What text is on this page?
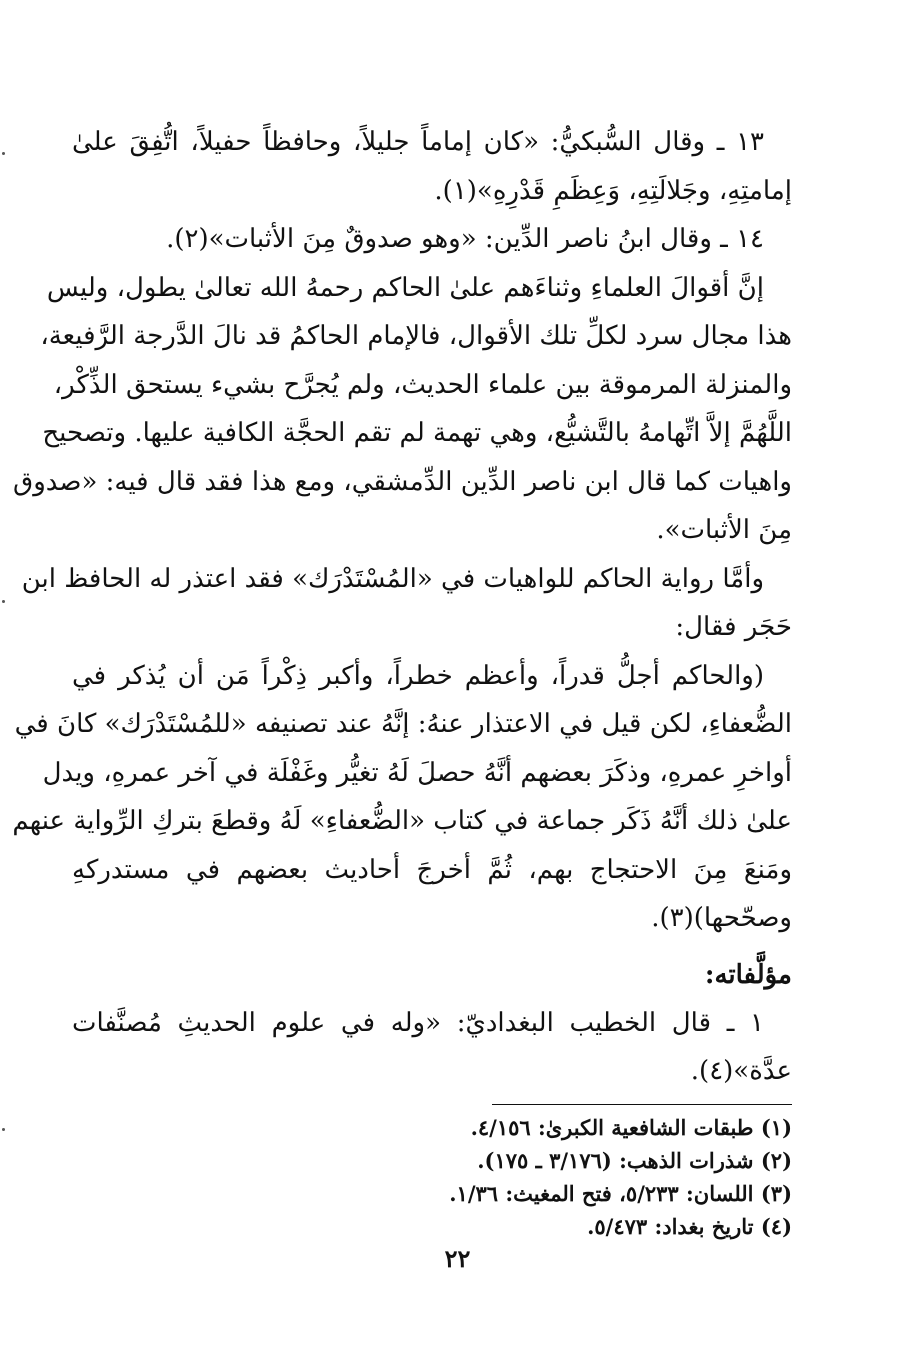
١٣ ـ وقال السُّبكيُّ: «كان إماماً جليلاً، وحافظاً حفيلاً، اتُّفِقَ علىٰ
إمامتِهِ، وجَلالَتِهِ، وَعِظَمِ قَدْرِهِ»(١).

١٤ ـ وقال ابنُ ناصر الدِّين: «وهو صدوقٌ مِنَ الأثبات»(٢).

إنَّ أقوالَ العلماءِ وثناءَهم علىٰ الحاكم رحمهُ الله تعالىٰ يطول، وليس
هذا مجال سرد لكلِّ تلك الأقوال، فالإمام الحاكمُ قد نالَ الدَّرجة الرَّفيعة،
والمنزلة المرموقة بين علماء الحديث، ولم يُجرَّح بشيء يستحق الذِّكْر،
اللَّهُمَّ إلاَّ اتِّهامهُ بالتَّشيُّع، وهي تهمة لم تقم الحجَّة الكافية عليها. وتصحيح
واهيات كما قال ابن ناصر الدِّين الدِّمشقي، ومع هذا فقد قال فيه: «صدوق
مِنَ الأثبات».

وأمَّا رواية الحاكم للواهيات في «المُسْتَدْرَك» فقد اعتذر له الحافظ ابن
حَجَر فقال:

(والحاكم أجلُّ قدراً، وأعظم خطراً، وأكبر ذِكْراً مَن أن يُذكر في
الضُّعفاءِ، لكن قيل في الاعتذار عنهُ: إنَّهُ عند تصنيفه «للمُسْتَدْرَك» كانَ في
أواخرِ عمرهِ، وذكَرَ بعضهم أنَّهُ حصلَ لَهُ تغيُّر وغَفْلَة في آخر عمرهِ، ويدل
علىٰ ذلك أنَّهُ ذَكَر جماعة في كتاب «الضُّعفاءِ» لَهُ وقطعَ بتركِ الرِّواية عنهم
ومَنعَ مِنَ الاحتجاج بهم، ثُمَّ أخرجَ أحاديث بعضهم في مستدركهِ
وصحّحها)(٣).

مؤلَّفاته:

١ ـ قال الخطيب البغداديّ: «وله في علوم الحديثِ مُصنَّفات
عدَّة»(٤).

(١) طبقات الشافعية الكبرىٰ: ٤/١٥٦.
(٢) شذرات الذهب: (٣/١٧٦ ـ ١٧٥).
(٣) اللسان: ٥/٢٣٣، فتح المغيث: ١/٣٦.
(٤) تاريخ بغداد: ٥/٤٧٣.
٢٢
